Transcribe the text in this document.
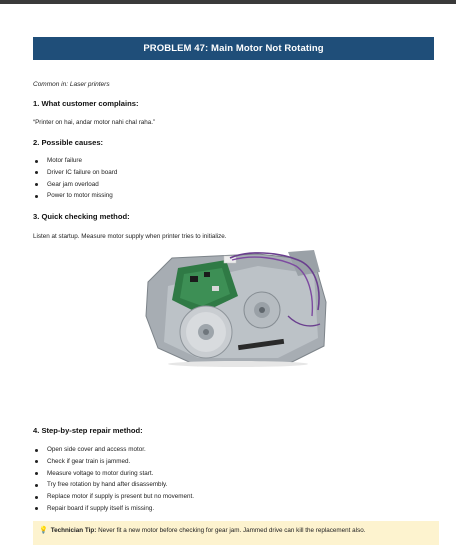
PROBLEM 47: Main Motor Not Rotating
Common in: Laser printers
1. What customer complains:
“Printer on hai, andar motor nahi chal raha.”
2. Possible causes:
Motor failure
Driver IC failure on board
Gear jam overload
Power to motor missing
3. Quick checking method:
Listen at startup. Measure motor supply when printer tries to initialize.
4. Step-by-step repair method:
Open side cover and access motor.
Check if gear train is jammed.
Measure voltage to motor during start.
Try free rotation by hand after disassembly.
Replace motor if supply is present but no movement.
Repair board if supply itself is missing.
💡 Technician Tip: Never fit a new motor before checking for gear jam. Jammed drive can kill the replacement also.
